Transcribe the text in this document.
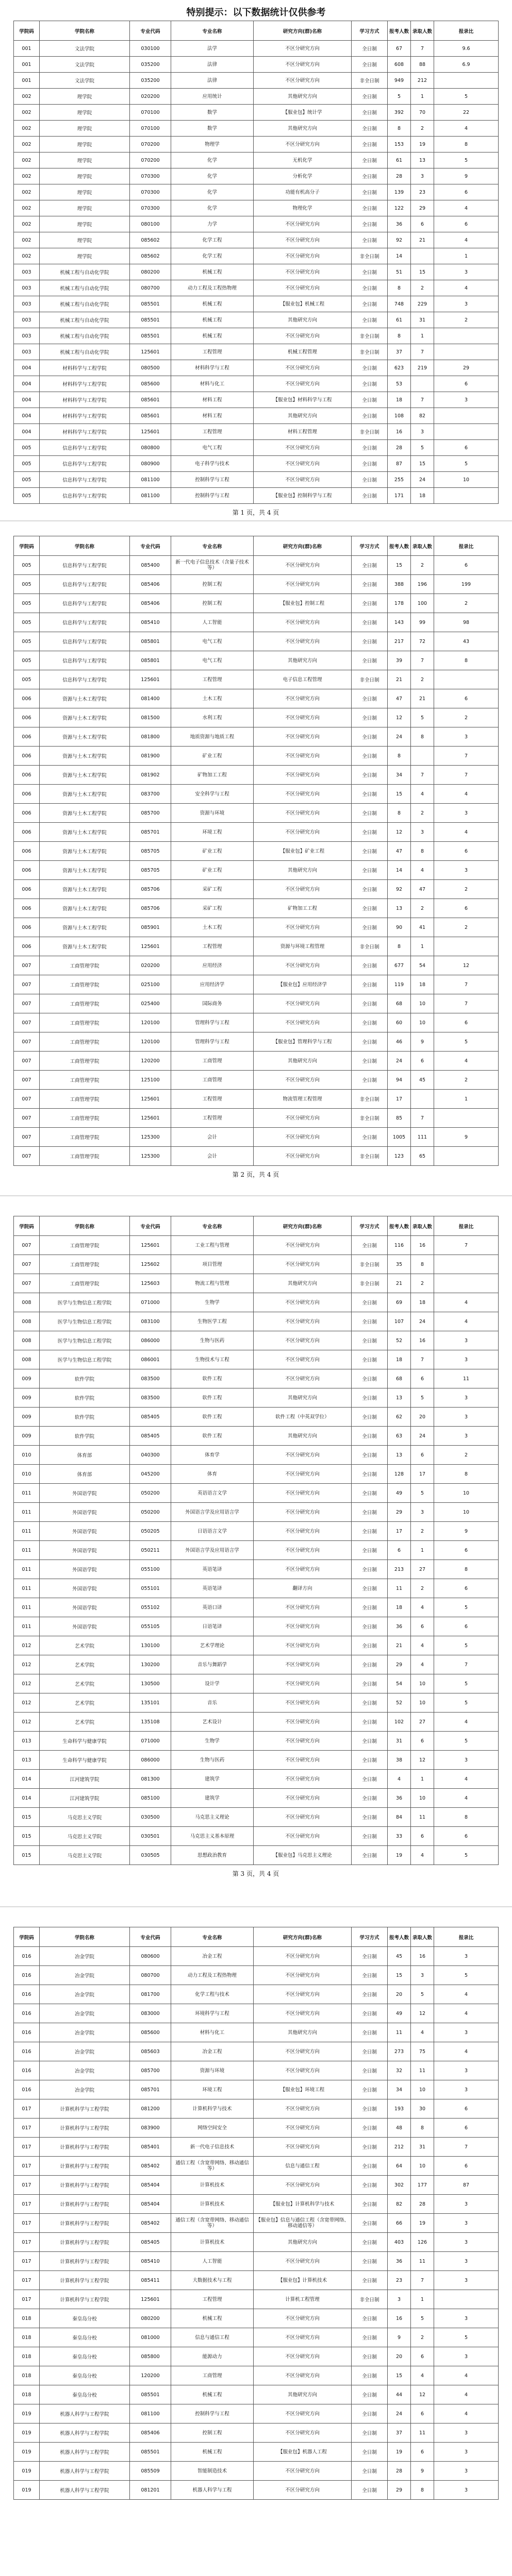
特别提示：以下数据统计仅供参考
学院码	学院名称	专业代码	专业名称	研究方向(群)名称	学习方式	报考人数	录取人数	报录比
001	文法学院	030100	法学	不区分研究方向	全日制	67	7	9.6
001	文法学院	035200	法律	不区分研究方向	全日制	608	88	6.9
001	文法学院	035200	法律	不区分研究方向	非全日制	949	212	
002	理学院	020200	应用统计	其他研究方向	全日制	5	1	5
002	理学院	070100	数学	【服业包】统计学	全日制	392	70	22
002	理学院	070100	数学	其他研究方向	全日制	8	2	4
002	理学院	070200	物理学	不区分研究方向	全日制	153	19	8
002	理学院	070200	化学	无机化学	全日制	61	13	5
002	理学院	070300	化学	分析化学	全日制	28	3	9
002	理学院	070300	化学	功能有机高分子	全日制	139	23	6
002	理学院	070300	化学	物理化学	全日制	122	29	4
002	理学院	080100	力学	不区分研究方向	全日制	36	6	6
002	理学院	085602	化学工程	不区分研究方向	全日制	92	21	4
002	理学院	085602	化学工程	不区分研究方向	非全日制	14		1
003	机械工程与自动化学院	080200	机械工程	不区分研究方向	全日制	51	15	3
003	机械工程与自动化学院	080700	动力工程及工程热物理	不区分研究方向	全日制	8	2	4
003	机械工程与自动化学院	085501	机械工程	【服业包】机械工程	全日制	748	229	3
003	机械工程与自动化学院	085501	机械工程	其他研究方向	全日制	61	31	2
003	机械工程与自动化学院	085501	机械工程	不区分研究方向	非全日制	8	1	
003	机械工程与自动化学院	125601	工程管理	机械工程管理	非全日制	37	7	
004	材料科学与工程学院	080500	材料科学与工程	不区分研究方向	全日制	623	219	29
004	材料科学与工程学院	085600	材料与化工	不区分研究方向	全日制	53		6
004	材料科学与工程学院	085601	材料工程	【服业包】材料科学与工程	全日制	18	7	3
004	材料科学与工程学院	085601	材料工程	其他研究方向	全日制	108	82	
004	材料科学与工程学院	125601	工程管理	材料工程管理	非全日制	16	3	
005	信息科学与工程学院	080800	电气工程	不区分研究方向	全日制	28	5	6
005	信息科学与工程学院	080900	电子科学与技术	不区分研究方向	全日制	87	15	5
005	信息科学与工程学院	081100	控制科学与工程	不区分研究方向	全日制	255	24	10
005	信息科学与工程学院	081100	控制科学与工程	【服业包】控制科学与工程	全日制	171	18	
第 1 页，共 4 页
学院码	学院名称	专业代码	专业名称	研究方向(群)名称	学习方式	报考人数	录取人数	报录比
005	信息科学与工程学院	085400	新一代电子信息技术（含量子技术等）	不区分研究方向	全日制	15	2	6
005	信息科学与工程学院	085406	控制工程	不区分研究方向	全日制	388	196	199
005	信息科学与工程学院	085406	控制工程	【服业包】控制工程	全日制	178	100	2
005	信息科学与工程学院	085410	人工智能	不区分研究方向	全日制	143	99	98
005	信息科学与工程学院	085801	电气工程	不区分研究方向	全日制	217	72	43
005	信息科学与工程学院	085801	电气工程	其他研究方向	全日制	39	7	8
005	信息科学与工程学院	125601	工程管理	电子信息工程管理	非全日制	21	2	
006	资源与土木工程学院	081400	土木工程	不区分研究方向	全日制	47	21	6
006	资源与土木工程学院	081500	水利工程	不区分研究方向	全日制	12	5	2
006	资源与土木工程学院	081800	地质资源与地质工程	不区分研究方向	全日制	24	8	3
006	资源与土木工程学院	081900	矿业工程	不区分研究方向	全日制	8		7
006	资源与土木工程学院	081902	矿物加工工程	不区分研究方向	全日制	34	7	7
006	资源与土木工程学院	083700	安全科学与工程	不区分研究方向	全日制	15	4	4
006	资源与土木工程学院	085700	资源与环境	不区分研究方向	全日制	8	2	3
006	资源与土木工程学院	085701	环境工程	不区分研究方向	全日制	12	3	4
006	资源与土木工程学院	085705	矿业工程	【服业包】矿业工程	全日制	47	8	6
006	资源与土木工程学院	085705	矿业工程	其他研究方向	全日制	14	4	3
006	资源与土木工程学院	085706	采矿工程	不区分研究方向	全日制	92	47	2
006	资源与土木工程学院	085706	采矿工程	矿物加工工程	全日制	13	2	6
006	资源与土木工程学院	085901	土木工程	不区分研究方向	全日制	90	41	2
006	资源与土木工程学院	125601	工程管理	资源与环境工程管理	非全日制	8	1	
007	工商管理学院	020200	应用经济	不区分研究方向	全日制	677	54	12
007	工商管理学院	025100	应用经济学	【服业包】应用经济学	全日制	119	18	7
007	工商管理学院	025400	国际商务	不区分研究方向	全日制	68	10	7
007	工商管理学院	120100	管理科学与工程	不区分研究方向	全日制	60	10	6
007	工商管理学院	120100	管理科学与工程	【服业包】管理科学与工程	全日制	46	9	5
007	工商管理学院	120200	工商管理	其他研究方向	全日制	24	6	4
007	工商管理学院	125100	工商管理	不区分研究方向	全日制	94	45	2
007	工商管理学院	125601	工程管理	物流管理工程管理	非全日制	17		1
007	工商管理学院	125601	工程管理	不区分研究方向	非全日制	85	7	
007	工商管理学院	125300	会计	不区分研究方向	全日制	1005	111	9
007	工商管理学院	125300	会计	不区分研究方向	非全日制	123	65	
第 2 页，共 4 页
学院码	学院名称	专业代码	专业名称	研究方向(群)名称	学习方式	报考人数	录取人数	报录比
007	工商管理学院	125601	工业工程与管理	不区分研究方向	全日制	116	16	7
007	工商管理学院	125602	项目管理	不区分研究方向	非全日制	35	8	
007	工商管理学院	125603	物流工程与管理	其他研究方向	非全日制	21	2	
008	医学与生物信息工程学院	071000	生物学	不区分研究方向	全日制	69	18	4
008	医学与生物信息工程学院	083100	生物医学工程	不区分研究方向	全日制	107	24	4
008	医学与生物信息工程学院	086000	生物与医药	不区分研究方向	全日制	52	16	3
008	医学与生物信息工程学院	086001	生物技术与工程	不区分研究方向	全日制	18	7	3
009	软件学院	083500	软件工程	不区分研究方向	全日制	68	6	11
009	软件学院	083500	软件工程	其他研究方向	全日制	13	5	3
009	软件学院	085405	软件工程	软件工程（中英双学位）	全日制	62	20	3
009	软件学院	085405	软件工程	其他研究方向	全日制	63	24	3
010	体育部	040300	体育学	不区分研究方向	全日制	13	6	2
010	体育部	045200	体育	不区分研究方向	全日制	128	17	8
011	外国语学院	050200	英语语言文学	不区分研究方向	全日制	49	5	10
011	外国语学院	050200	外国语言学及应用语言学	不区分研究方向	全日制	29	3	10
011	外国语学院	050205	日语语言文学	不区分研究方向	全日制	17	2	9
011	外国语学院	050211	外国语言学及应用语言学	不区分研究方向	全日制	6	1	6
011	外国语学院	055100	英语笔译	不区分研究方向	全日制	213	27	8
011	外国语学院	055101	英语笔译	翻译方向	全日制	11	2	6
011	外国语学院	055102	英语口译	不区分研究方向	全日制	18	4	5
011	外国语学院	055105	日语笔译	不区分研究方向	全日制	36	6	6
012	艺术学院	130100	艺术学理论	不区分研究方向	全日制	21	4	5
012	艺术学院	130200	音乐与舞蹈学	不区分研究方向	全日制	29	4	7
012	艺术学院	130500	设计学	不区分研究方向	全日制	54	10	5
012	艺术学院	135101	音乐	不区分研究方向	全日制	52	10	5
012	艺术学院	135108	艺术设计	不区分研究方向	全日制	102	27	4
013	生命科学与健康学院	071000	生物学	不区分研究方向	全日制	31	6	5
013	生命科学与健康学院	086000	生物与医药	不区分研究方向	全日制	38	12	3
014	江河建筑学院	081300	建筑学	不区分研究方向	全日制	4	1	4
014	江河建筑学院	085100	建筑学	不区分研究方向	全日制	36	10	4
015	马克思主义学院	030500	马克思主义理论	不区分研究方向	全日制	84	11	8
015	马克思主义学院	030501	马克思主义基本原理	不区分研究方向	全日制	33	6	6
015	马克思主义学院	030505	思想政治教育	【服业包】马克思主义理论	全日制	19	4	5
第 3 页，共 4 页
学院码	学院名称	专业代码	专业名称	研究方向(群)名称	学习方式	报考人数	录取人数	报录比
016	冶金学院	080600	冶金工程	不区分研究方向	全日制	45	16	3
016	冶金学院	080700	动力工程及工程热物理	不区分研究方向	全日制	15	3	5
016	冶金学院	081700	化学工程与技术	不区分研究方向	全日制	20	5	4
016	冶金学院	083000	环境科学与工程	不区分研究方向	全日制	49	12	4
016	冶金学院	085600	材料与化工	其他研究方向	全日制	11	4	3
016	冶金学院	085603	冶金工程	不区分研究方向	全日制	273	75	4
016	冶金学院	085700	资源与环境	不区分研究方向	全日制	32	11	3
016	冶金学院	085701	环境工程	【服业包】环境工程	全日制	34	10	3
017	计算机科学与工程学院	081200	计算机科学与技术	不区分研究方向	全日制	193	30	6
017	计算机科学与工程学院	083900	网络空间安全	不区分研究方向	全日制	48	8	6
017	计算机科学与工程学院	085401	新一代电子信息技术	不区分研究方向	全日制	212	31	7
017	计算机科学与工程学院	085402	通信工程（含宽带网络、移动通信等）	信息与通信工程	全日制	64	10	6
017	计算机科学与工程学院	085404	计算机技术	不区分研究方向	全日制	302	177	87
017	计算机科学与工程学院	085404	计算机技术	【服业包】计算机科学与技术	全日制	82	28	3
017	计算机科学与工程学院	085402	通信工程（含宽带网络、移动通信等）	【服业包】信息与通信工程（含宽带网络、移动通信等）	全日制	66	19	3
017	计算机科学与工程学院	085405	计算机技术	其他研究方向	全日制	403	126	3
017	计算机科学与工程学院	085410	人工智能	不区分研究方向	全日制	36	11	3
017	计算机科学与工程学院	085411	大数据技术与工程	【服业包】计算机技术	全日制	23	7	3
017	计算机科学与工程学院	125601	工程管理	计算机工程管理	非全日制	3	1	
018	秦皇岛分校	080200	机械工程	不区分研究方向	全日制	16	5	3
018	秦皇岛分校	081000	信息与通信工程	不区分研究方向	全日制	9	2	5
018	秦皇岛分校	085800	能源动力	不区分研究方向	全日制	20	6	3
018	秦皇岛分校	120200	工商管理	不区分研究方向	全日制	15	4	4
018	秦皇岛分校	085501	机械工程	其他研究方向	全日制	44	12	4
019	机器人科学与工程学院	081100	控制科学与工程	不区分研究方向	全日制	24	6	4
019	机器人科学与工程学院	085406	控制工程	不区分研究方向	全日制	37	11	3
019	机器人科学与工程学院	085501	机械工程	【服业包】机器人工程	全日制	19	6	3
019	机器人科学与工程学院	085509	智能制造技术	不区分研究方向	全日制	28	9	3
019	机器人科学与工程学院	081201	机器人科学与工程	不区分研究方向	全日制	29	8	3
